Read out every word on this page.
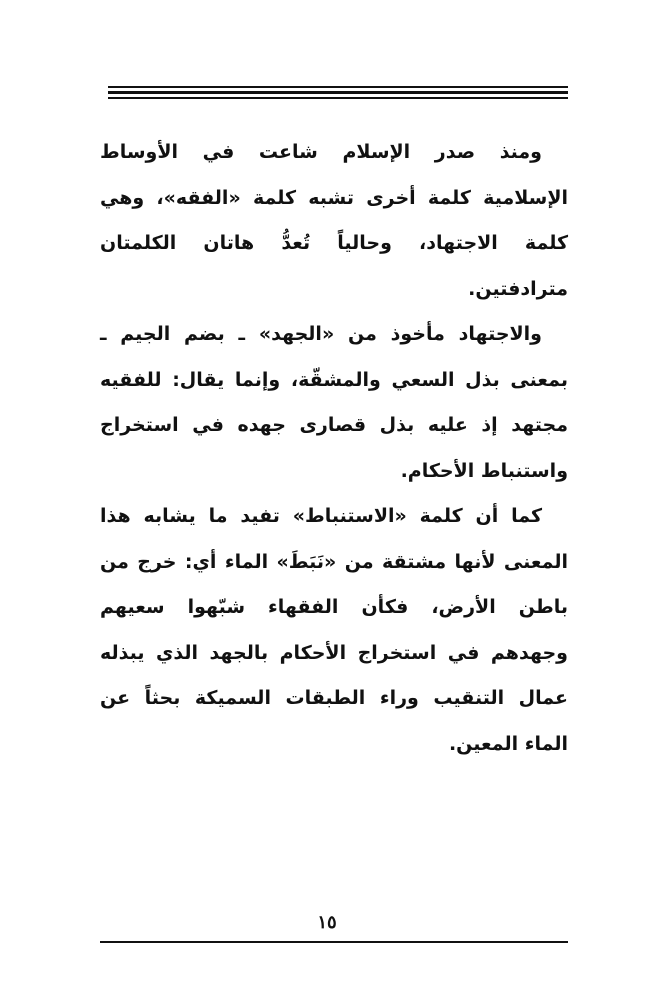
ومنذ صدر الإسلام شاعت في الأوساط الإسلامية كلمة أخرى تشبه كلمة «الفقه»، وهي كلمة الاجتهاد، وحالياً تُعدُّ هاتان الكلمتان مترادفتين.

والاجتهاد مأخوذ من «الجهد» ـ بضم الجيم ـ بمعنى بذل السعي والمشقّة، وإنما يقال: للفقيه مجتهد إذ عليه بذل قصارى جهده في استخراج واستنباط الأحكام.

كما أن كلمة «الاستنباط» تفيد ما يشابه هذا المعنى لأنها مشتقة من «نَبَطَ» الماء أي: خرج من باطن الأرض، فكأن الفقهاء شبّهوا سعيهم وجهدهم في استخراج الأحكام بالجهد الذي يبذله عمال التنقيب وراء الطبقات السميكة بحثاً عن الماء المعين.

١٥
